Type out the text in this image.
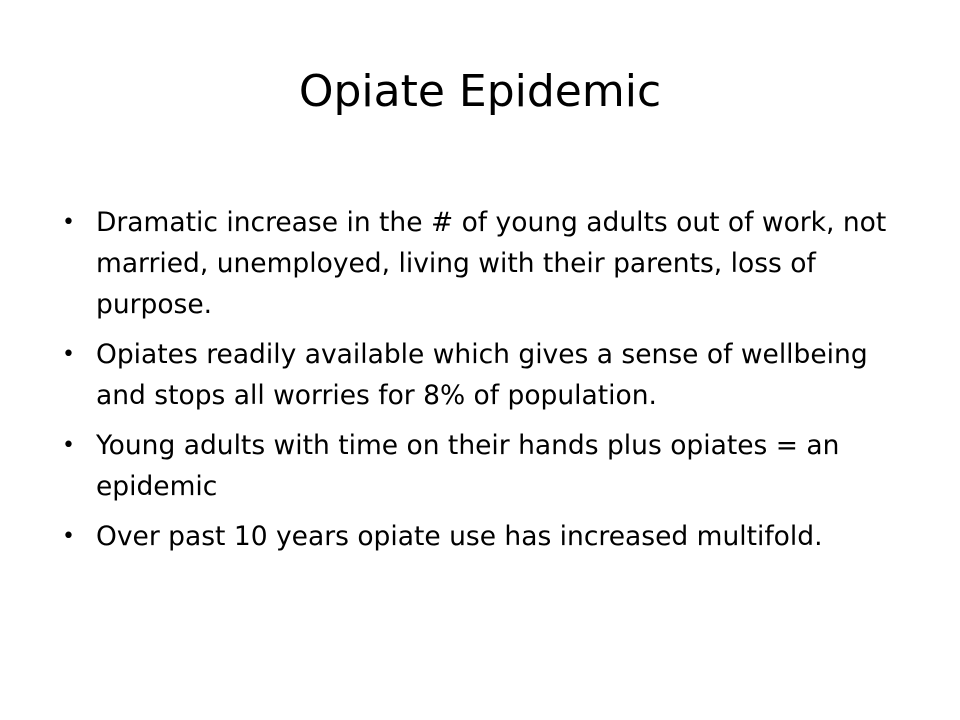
Opiate Epidemic
• Dramatic increase in the # of young adults out of work, not married, unemployed, living with their parents, loss of purpose.
• Opiates readily available which gives a sense of wellbeing and stops all worries for 8% of population.
• Young adults with time on their hands plus opiates = an epidemic
• Over past 10 years opiate use has increased multifold.
